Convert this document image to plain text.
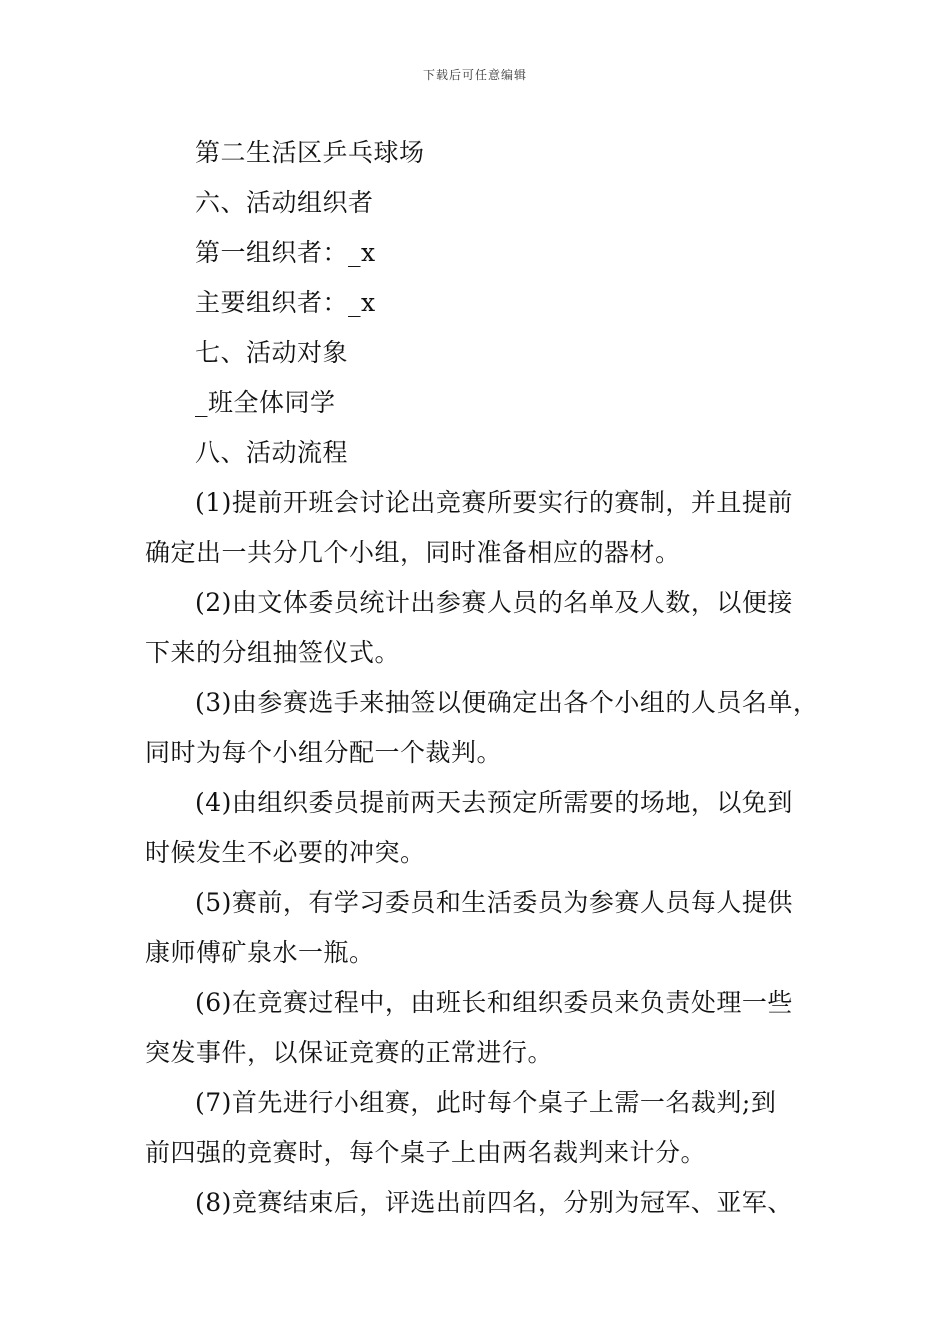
下载后可任意编辑
第二生活区乒乓球场
六、活动组织者
第一组织者：_x
主要组织者：_x
七、活动对象
_班全体同学
八、活动流程
(1)提前开班会讨论出竞赛所要实行的赛制，并且提前
确定出一共分几个小组，同时准备相应的器材。
(2)由文体委员统计出参赛人员的名单及人数，以便接
下来的分组抽签仪式。
(3)由参赛选手来抽签以便确定出各个小组的人员名单，
同时为每个小组分配一个裁判。
(4)由组织委员提前两天去预定所需要的场地，以免到
时候发生不必要的冲突。
(5)赛前，有学习委员和生活委员为参赛人员每人提供
康师傅矿泉水一瓶。
(6)在竞赛过程中，由班长和组织委员来负责处理一些
突发事件，以保证竞赛的正常进行。
(7)首先进行小组赛，此时每个桌子上需一名裁判;到
前四强的竞赛时，每个桌子上由两名裁判来计分。
(8)竞赛结束后，评选出前四名，分别为冠军、亚军、
